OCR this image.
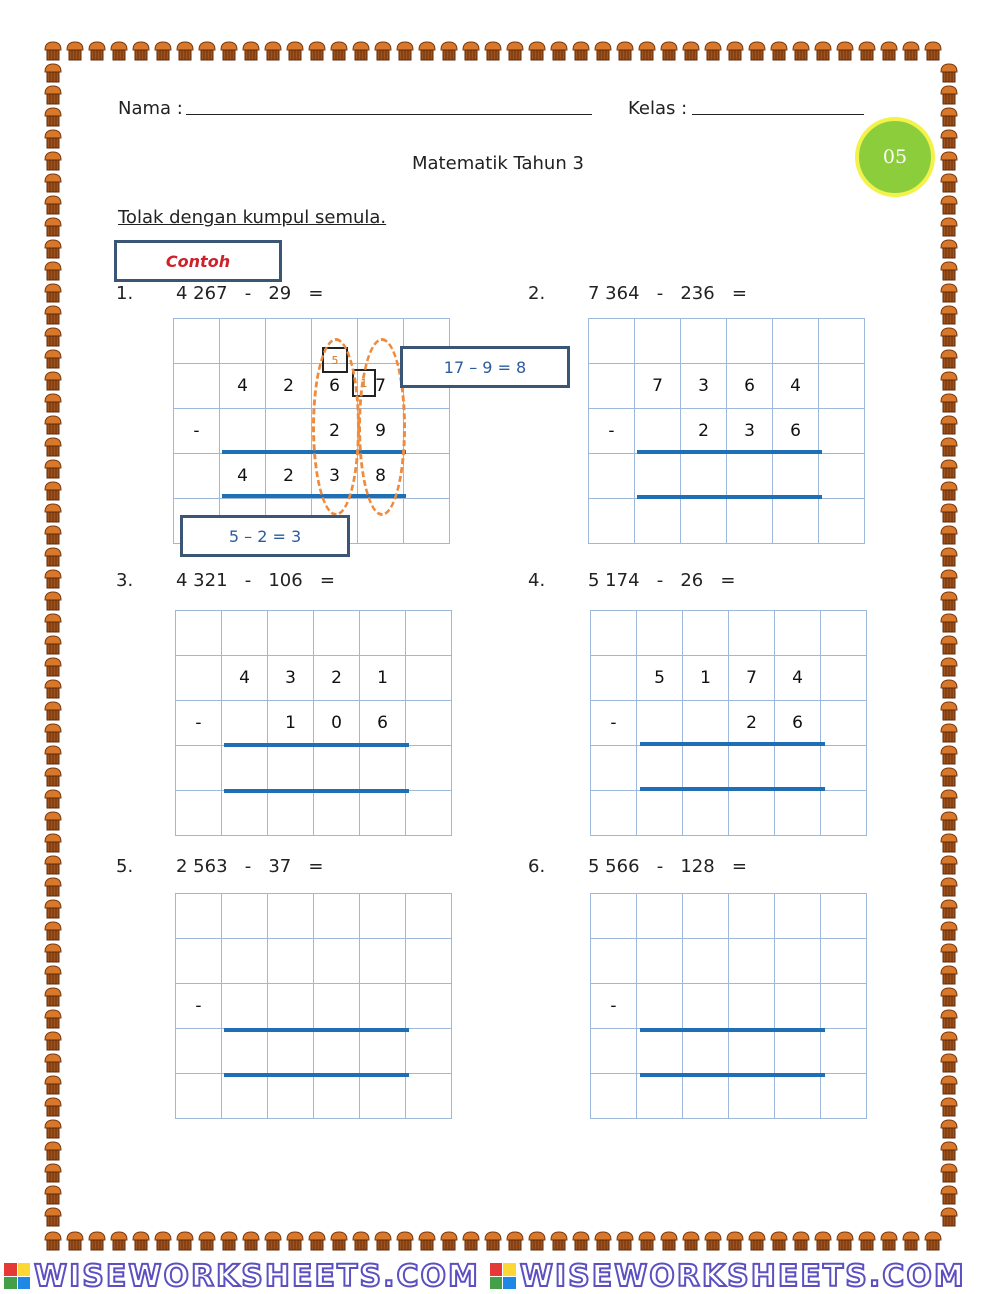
Nama :	Kelas :
Matematik Tahun 3	05
Tolak dengan kumpul semula.
Contoh
1. 4 267   -   29   =

	4	2	6	7	
-			2	9	
	4	2	3	8	

5
1
17 – 9 = 8
5 – 2 = 3
2. 7 364   -   236   =

	7	3	6	4	
-		2	3	6	

3. 4 321   -   106   =

	4	3	2	1	
-		1	0	6	

4. 5 174   -   26   =

	5	1	7	4	
-			2	6	

5. 2 563   -   37   =

-					

6. 5 566   -   128   =

-					

WISEWORKSHEETS.COM WISEWORKSHEETS.COM
